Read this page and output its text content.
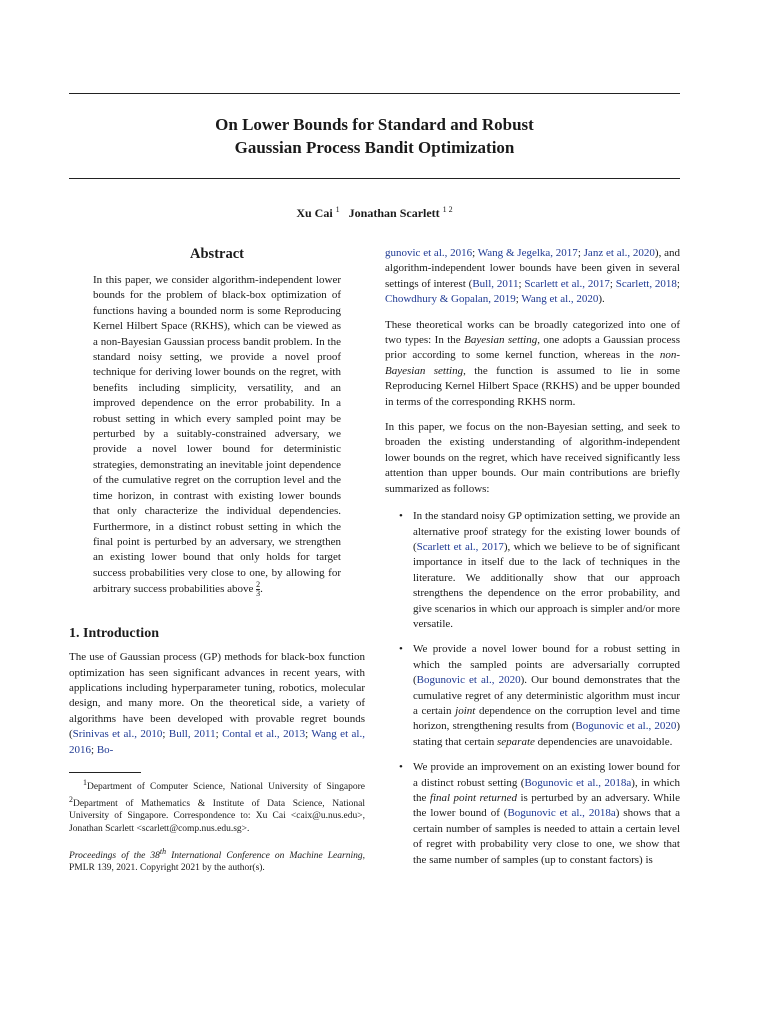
On Lower Bounds for Standard and Robust
Gaussian Process Bandit Optimization
Xu Cai $^1$ Jonathan Scarlett $^{1 2}$
Abstract
In this paper, we consider algorithm-independent lower bounds for the problem of black-box optimization of functions having a bounded norm is some Reproducing Kernel Hilbert Space (RKHS), which can be viewed as a non-Bayesian Gaussian process bandit problem. In the standard noisy setting, we provide a novel proof technique for deriving lower bounds on the regret, with benefits including simplicity, versatility, and an improved dependence on the error probability. In a robust setting in which every sampled point may be perturbed by a suitably-constrained adversary, we provide a novel lower bound for deterministic strategies, demonstrating an inevitable joint dependence of the cumulative regret on the corruption level and the time horizon, in contrast with existing lower bounds that only characterize the individual dependencies. Furthermore, in a distinct robust setting in which the final point is perturbed by an adversary, we strengthen an existing lower bound that only holds for target success probabilities very close to one, by allowing for arbitrary success probabilities above $\frac{2}{3}$ .
1. Introduction

The use of Gaussian process (GP) methods for black-box function optimization has seen significant advances in recent years, with applications including hyperparameter tuning, robotics, molecular design, and many more. On the theoretical side, a variety of algorithms have been developed with provable regret bounds (Srinivas et al., 2010; Bull, 2011; Contal et al., 2013; Wang et al., 2016; Bo-

$^1$Department of Computer Science, National University of Singapore $^2$Department of Mathematics & Institute of Data Science, National University of Singapore. Correspondence to: Xu Cai <caix@u.nus.edu>, Jonathan Scarlett <scarlett@comp.nus.edu.sg>.

Proceedings of the 38th International Conference on Machine Learning, PMLR 139, 2021. Copyright 2021 by the author(s).

gunovic et al., 2016; Wang & Jegelka, 2017; Janz et al., 2020), and algorithm-independent lower bounds have been given in several settings of interest (Bull, 2011; Scarlett et al., 2017; Scarlett, 2018; Chowdhury & Gopalan, 2019; Wang et al., 2020).

These theoretical works can be broadly categorized into one of two types: In the Bayesian setting, one adopts a Gaussian process prior according to some kernel function, whereas in the non-Bayesian setting, the function is assumed to lie in some Reproducing Kernel Hilbert Space (RKHS) and be upper bounded in terms of the corresponding RKHS norm.

In this paper, we focus on the non-Bayesian setting, and seek to broaden the existing understanding of algorithm-independent lower bounds on the regret, which have received significantly less attention than upper bounds. Our main contributions are briefly summarized as follows:

• In the standard noisy GP optimization setting, we provide an alternative proof strategy for the existing lower bounds of (Scarlett et al., 2017), which we believe to be of significant importance in itself due to the lack of techniques in the literature. We additionally show that our approach strengthens the dependence on the error probability, and give scenarios in which our approach is simpler and/or more versatile.
• We provide a novel lower bound for a robust setting in which the sampled points are adversarially corrupted (Bogunovic et al., 2020). Our bound demonstrates that the cumulative regret of any deterministic algorithm must incur a certain joint dependence on the corruption level and time horizon, strengthening results from (Bogunovic et al., 2020) stating that certain separate dependencies are unavoidable.
• We provide an improvement on an existing lower bound for a distinct robust setting (Bogunovic et al., 2018a), in which the final point returned is perturbed by an adversary. While the lower bound of (Bogunovic et al., 2018a) shows that a certain number of samples is needed to attain a certain level of regret with probability very close to one, we show that the same number of samples (up to constant factors) is
